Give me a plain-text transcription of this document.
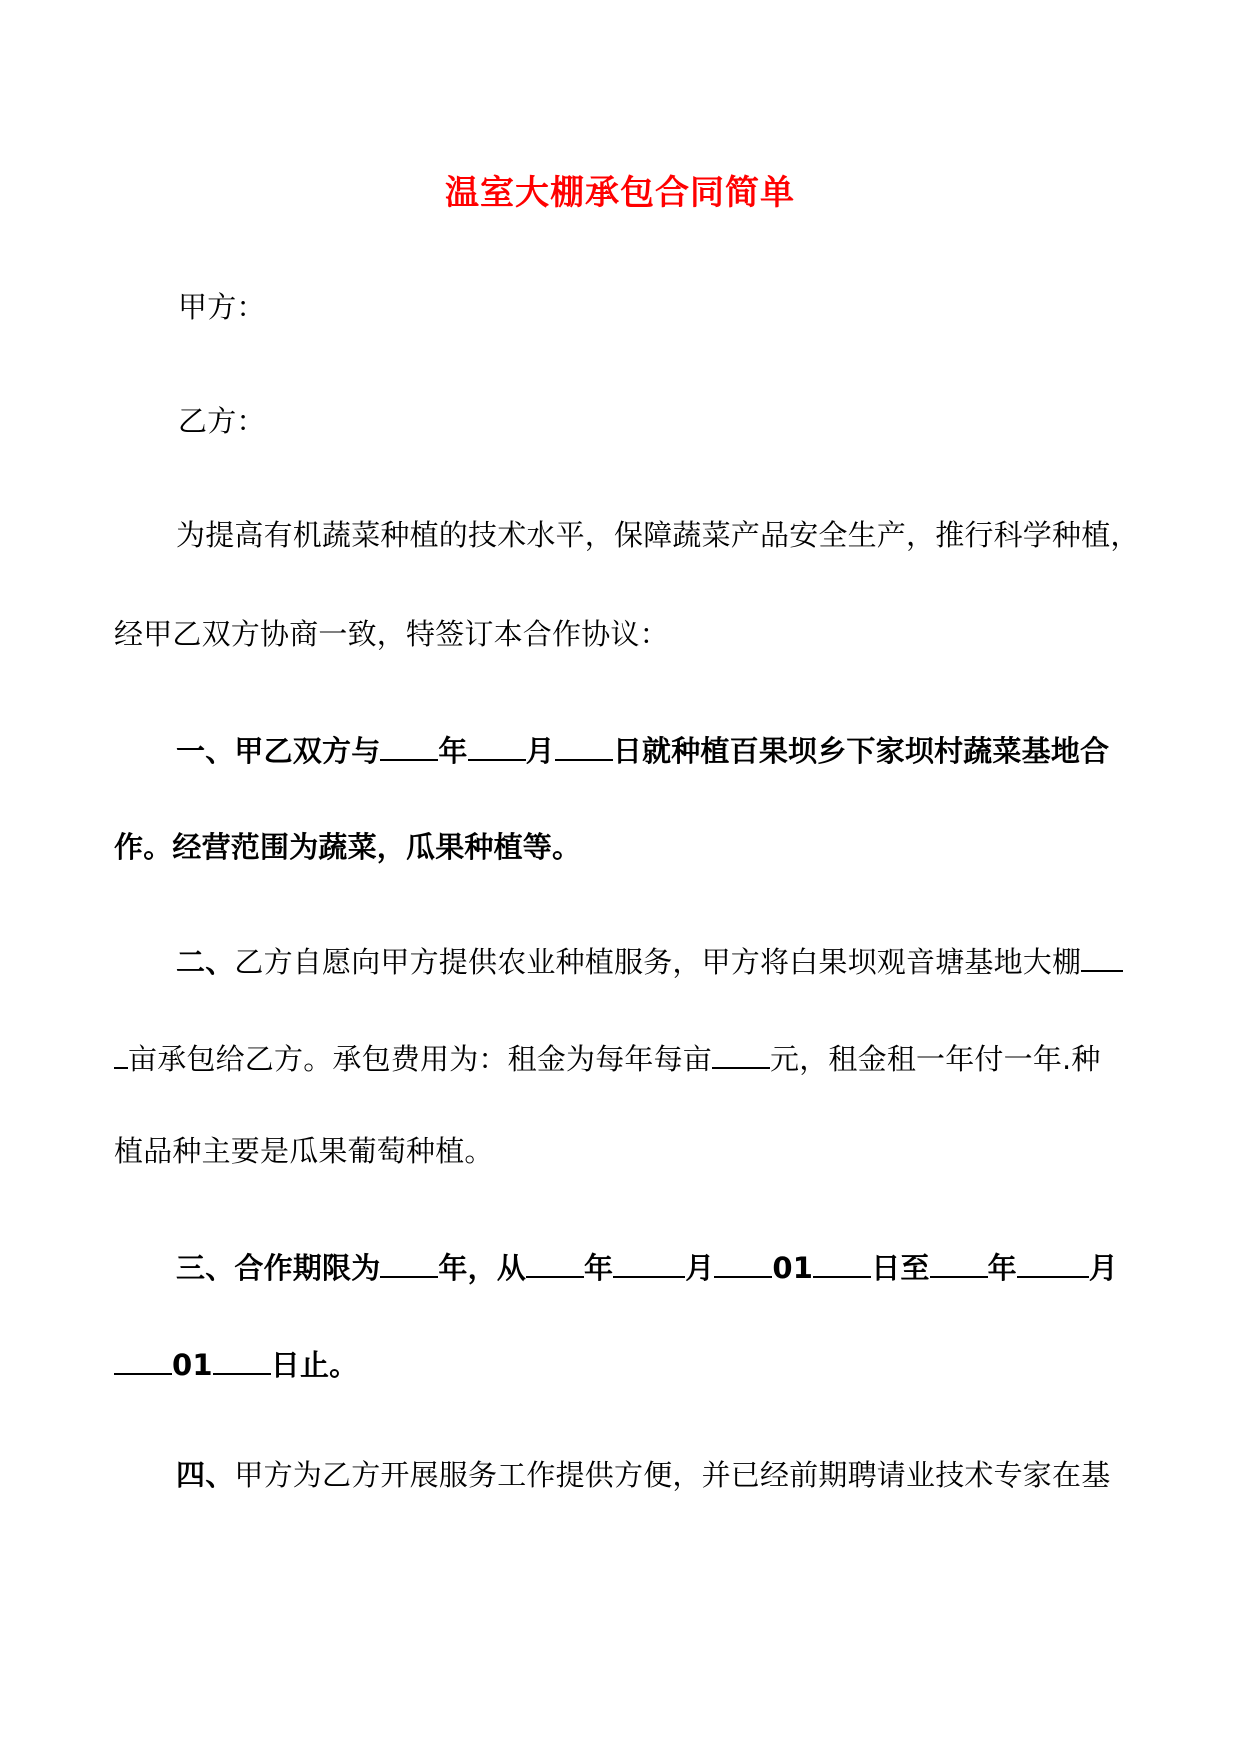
温室大棚承包合同简单
甲方：
乙方：
为提高有机蔬菜种植的技术水平，保障蔬菜产品安全生产，推行科学种植，
经甲乙双方协商一致，特签订本合作协议：
一、甲乙双方与 年 月 日就种植百果坝乡下家坝村蔬菜基地合
作。经营范围为蔬菜，瓜果种植等。
二、乙方自愿向甲方提供农业种植服务，甲方将白果坝观音塘基地大棚
亩承包给乙方。承包费用为：租金为每年每亩 元，租金租一年付一年.种
植品种主要是瓜果葡萄种植。
三、合作期限为 年，从 年 月 01 日至 年 月
01 日止。
四、甲方为乙方开展服务工作提供方便，并已经前期聘请业技术专家在基
